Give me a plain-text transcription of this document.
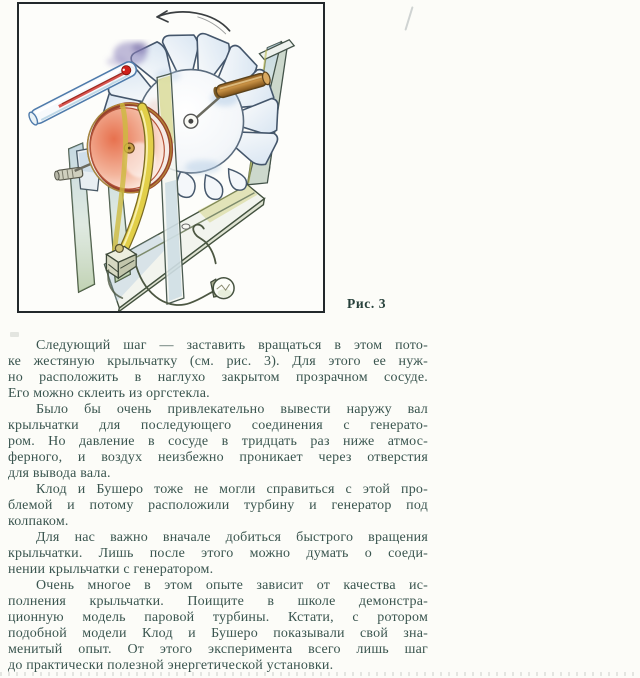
Рис. 3
Следующий шаг — заставить вращаться в этом пото-
ке жестяную крыльчатку (см. рис. 3). Для этого ее нуж-
но расположить в наглухо закрытом прозрачном сосуде.
Его можно склеить из оргстекла.
Было бы очень привлекательно вывести наружу вал
крыльчатки для последующего соединения с генерато-
ром. Но давление в сосуде в тридцать раз ниже атмос-
ферного, и воздух неизбежно проникает через отверстия
для вывода вала.
Клод и Бушеро тоже не могли справиться с этой про-
блемой и потому расположили турбину и генератор под
колпаком.
Для нас важно вначале добиться быстрого вращения
крыльчатки. Лишь после этого можно думать о соеди-
нении крыльчатки с генератором.
Очень многое в этом опыте зависит от качества ис-
полнения крыльчатки. Поищите в школе демонстра-
ционную модель паровой турбины. Кстати, с ротором
подобной модели Клод и Бушеро показывали свой зна-
менитый опыт. От этого эксперимента всего лишь шаг
до практически полезной энергетической установки.
